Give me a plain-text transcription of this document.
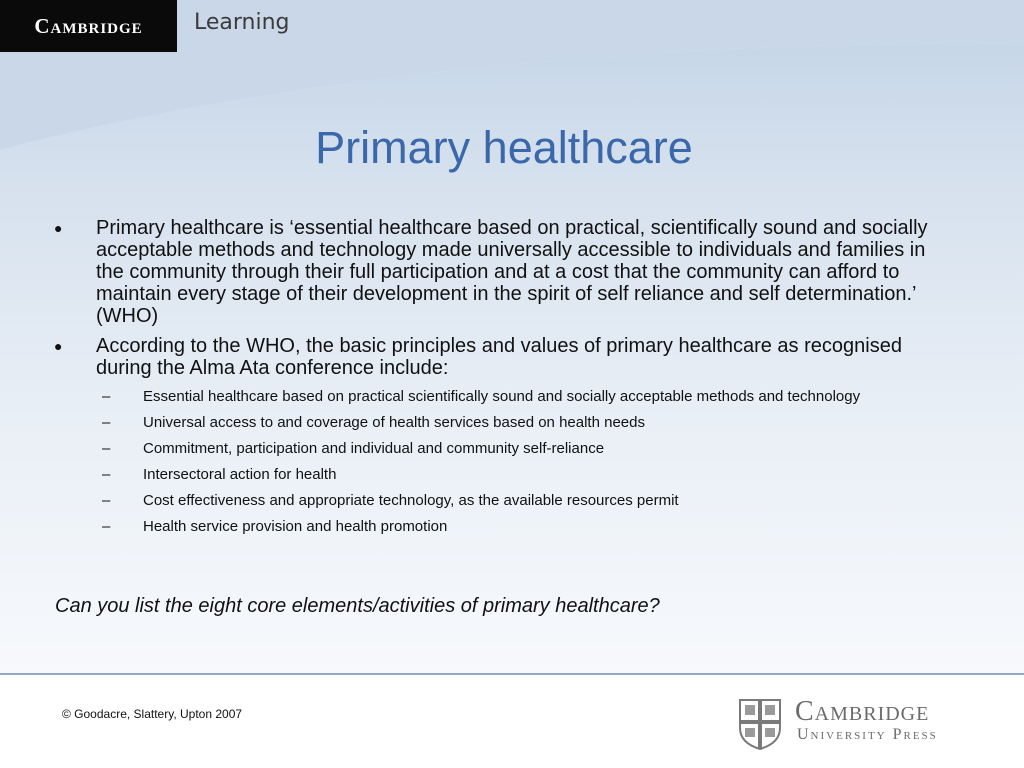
Cambridge Learning
Primary healthcare
● Primary healthcare is ‘essential healthcare based on practical, scientifically sound and socially acceptable methods and technology made universally accessible to individuals and families in the community through their full participation and at a cost that the community can afford to maintain every stage of their development in the spirit of self reliance and self determination.’ (WHO)
● According to the WHO, the basic principles and values of primary healthcare as recognised during the Alma Ata conference include:
– Essential healthcare based on practical scientifically sound and socially acceptable methods and technology
– Universal access to and coverage of health services based on health needs
– Commitment, participation and individual and community self-reliance
– Intersectoral action for health
– Cost effectiveness and appropriate technology, as the available resources permit
– Health service provision and health promotion
Can you list the eight core elements/activities of primary healthcare?
© Goodacre, Slattery, Upton 2007	Cambridge
University Press
